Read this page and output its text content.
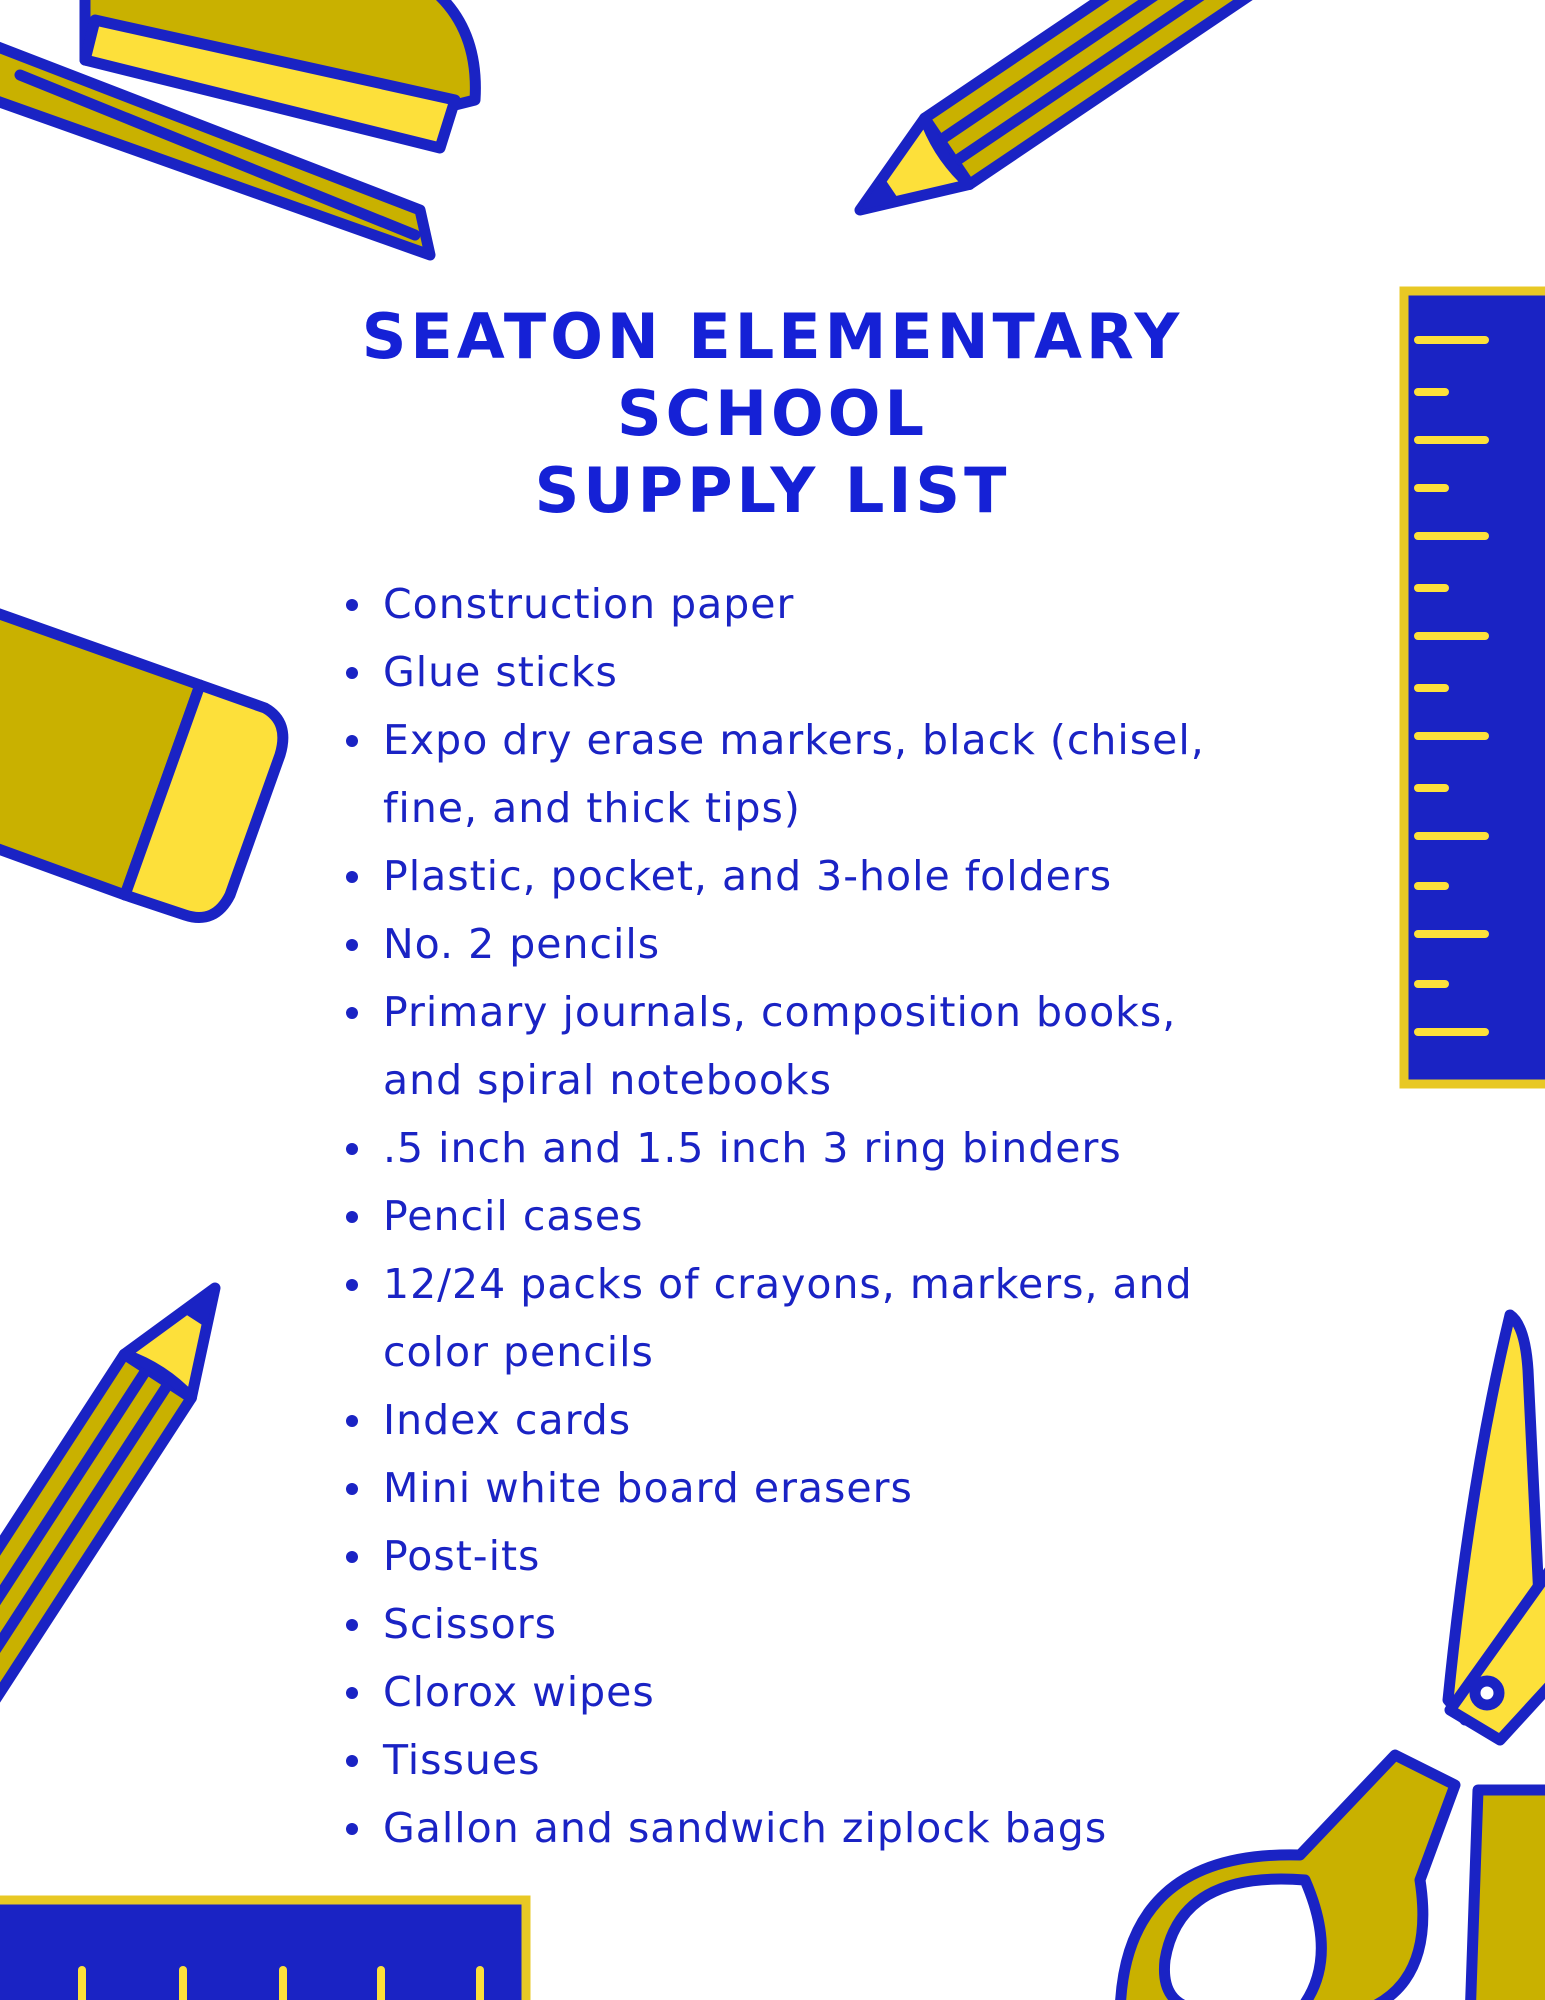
SEATON ELEMENTARY
SCHOOL
SUPPLY LIST
Construction paper
Glue sticks
Expo dry erase markers, black (chisel, fine, and thick tips)
Plastic, pocket, and 3-hole folders
No. 2 pencils
Primary journals, composition books, and spiral notebooks
.5 inch and 1.5 inch 3 ring binders
Pencil cases
12/24 packs of crayons, markers, and color pencils
Index cards
Mini white board erasers
Post-its
Scissors
Clorox wipes
Tissues
Gallon and sandwich ziplock bags
